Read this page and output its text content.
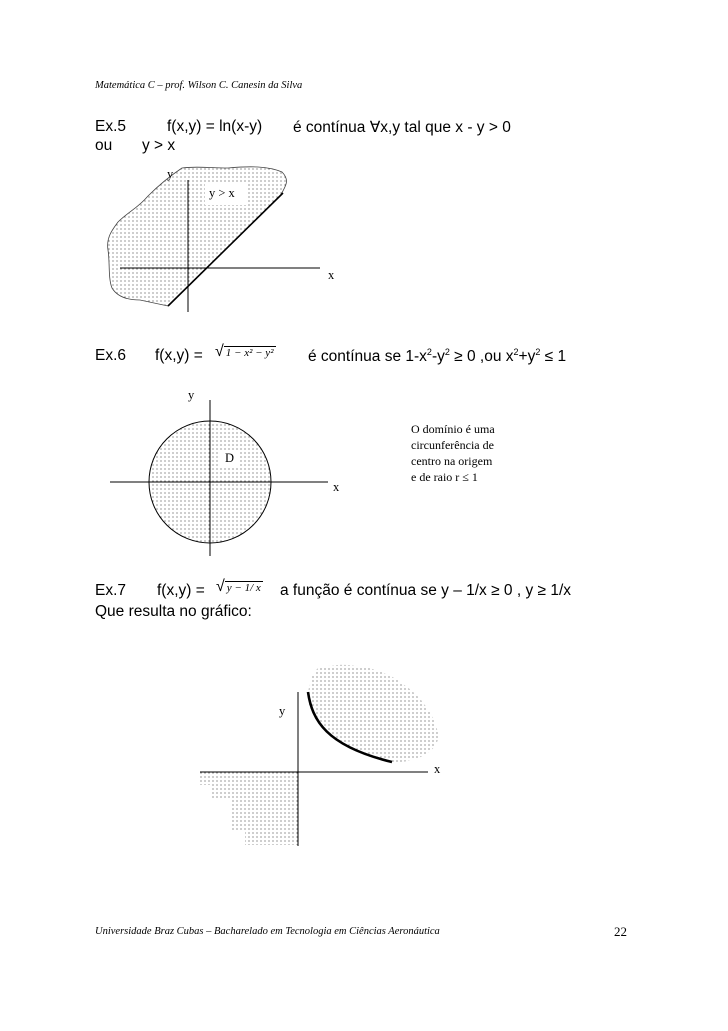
Matemática C – prof. Wilson C. Canesin da Silva
Ex.5	f(x,y) = ln(x-y) é contínua ∀x,y tal que x - y > 0
ou y > x
Ex.6 f(x,y) = √ 1 − x² − y² é contínua se $1-x^2-y^2 \ge 0$ ,ou $x^2+y^2 \le 1$
Ex.7 f(x,y) = √ y − 1/ x a função é contínua se y – 1/x ≥ 0 , y ≥ 1/x
Que resulta no gráfico:
y
y > x
x
y
D
x
O domínio é uma
circunferência de
centro na origem
e de raio r ≤ 1
y
x
Universidade Braz Cubas – Bacharelado em Tecnologia em Ciências Aeronáutica	22
